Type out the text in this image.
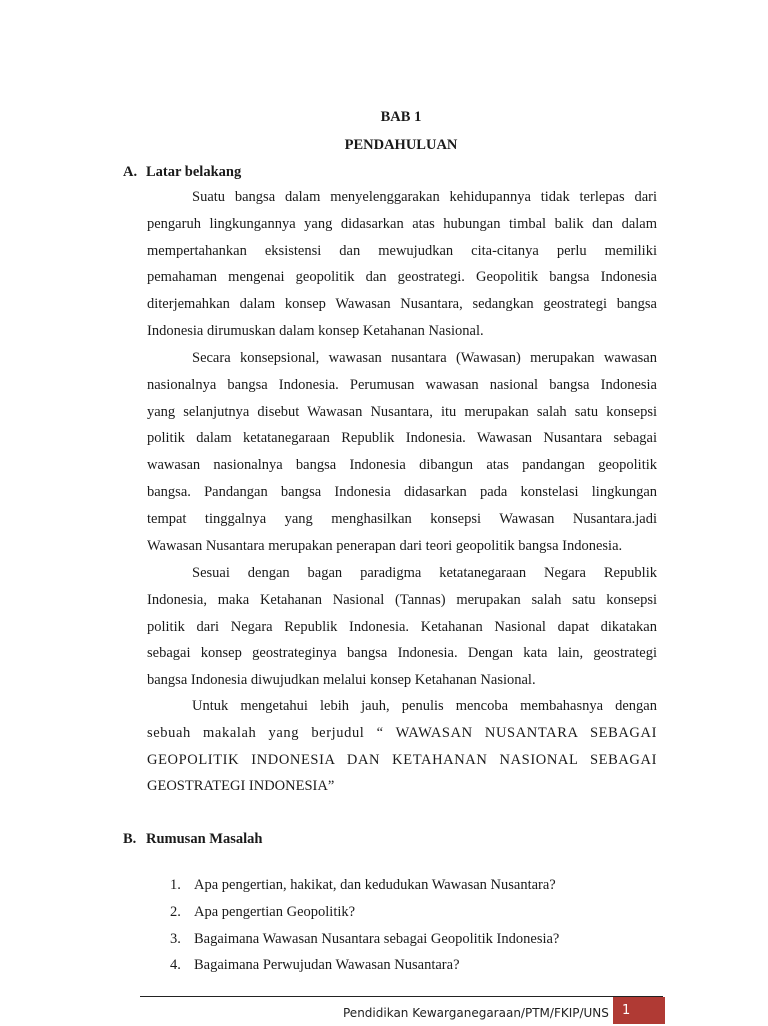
BAB 1
PENDAHULUAN
A. Latar belakang
Suatu bangsa dalam menyelenggarakan kehidupannya tidak terlepas dari
pengaruh lingkungannya yang didasarkan atas hubungan timbal balik dan dalam
mempertahankan eksistensi dan mewujudkan cita-citanya perlu memiliki
pemahaman mengenai geopolitik dan geostrategi. Geopolitik bangsa Indonesia
diterjemahkan dalam konsep Wawasan Nusantara, sedangkan geostrategi bangsa
Indonesia dirumuskan dalam konsep Ketahanan Nasional.
Secara konsepsional, wawasan nusantara (Wawasan) merupakan wawasan
nasionalnya bangsa Indonesia. Perumusan wawasan nasional bangsa Indonesia
yang selanjutnya disebut Wawasan Nusantara, itu merupakan salah satu konsepsi
politik dalam ketatanegaraan Republik Indonesia. Wawasan Nusantara sebagai
wawasan nasionalnya bangsa Indonesia dibangun atas pandangan geopolitik
bangsa. Pandangan bangsa Indonesia didasarkan pada konstelasi lingkungan
tempat tinggalnya yang menghasilkan konsepsi Wawasan Nusantara.jadi
Wawasan Nusantara merupakan penerapan dari teori geopolitik bangsa Indonesia.
Sesuai dengan bagan paradigma ketatanegaraan Negara Republik
Indonesia, maka Ketahanan Nasional (Tannas) merupakan salah satu konsepsi
politik dari Negara Republik Indonesia. Ketahanan Nasional dapat dikatakan
sebagai konsep geostrateginya bangsa Indonesia. Dengan kata lain, geostrategi
bangsa Indonesia diwujudkan melalui konsep Ketahanan Nasional.
Untuk mengetahui lebih jauh, penulis mencoba membahasnya dengan
sebuah makalah yang berjudul “ WAWASAN NUSANTARA SEBAGAI
GEOPOLITIK INDONESIA DAN KETAHANAN NASIONAL SEBAGAI
GEOSTRATEGI INDONESIA”
B. Rumusan Masalah
1. Apa pengertian, hakikat, dan kedudukan Wawasan Nusantara?
2. Apa pengertian Geopolitik?
3. Bagaimana Wawasan Nusantara sebagai Geopolitik Indonesia?
4. Bagaimana Perwujudan Wawasan Nusantara?
Pendidikan Kewarganegaraan/PTM/FKIP/UNS	1
